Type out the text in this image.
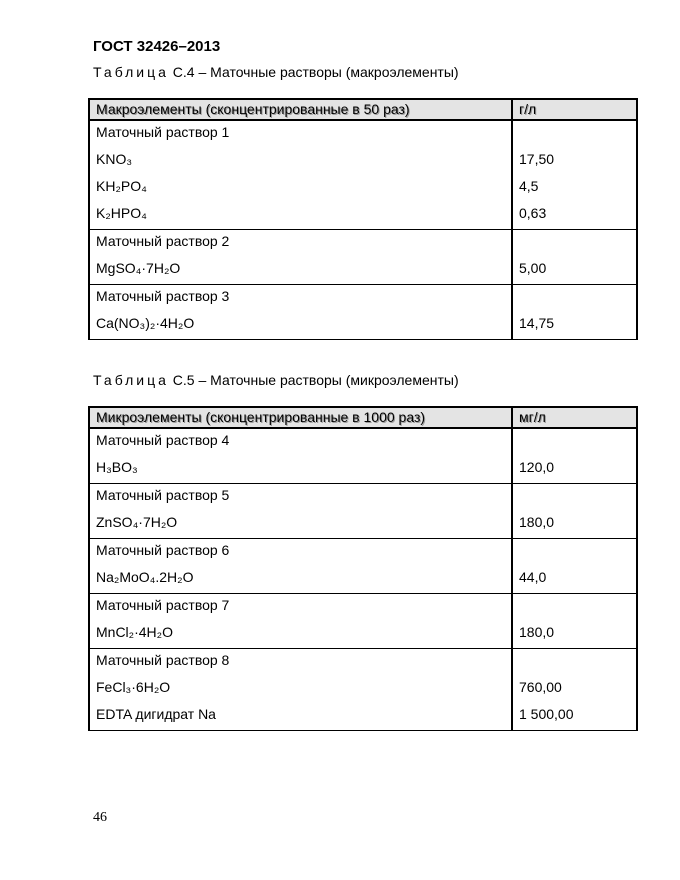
ГОСТ 32426–2013
Таблица С.4 – Маточные растворы (макроэлементы)
Макроэлементы (сконцентрированные в 50 раз)	г/л
Маточный раствор 1	
KNO₃	17,50
KH₂PO₄	4,5
K₂HPO₄	0,63
Маточный раствор 2	
MgSO₄·7H₂O	5,00
Маточный раствор 3	
Ca(NO₃)₂·4H₂O	14,75
Таблица С.5 – Маточные растворы (микроэлементы)
Микроэлементы (сконцентрированные в 1000 раз)	мг/л
Маточный раствор 4	
H₃BO₃	120,0
Маточный раствор 5	
ZnSO₄·7H₂O	180,0
Маточный раствор 6	
Na₂MoO₄.2H₂O	44,0
Маточный раствор 7	
MnCl₂·4H₂O	180,0
Маточный раствор 8	
FeCl₃·6H₂O	760,00
EDTA дигидрат Na	1 500,00
46
